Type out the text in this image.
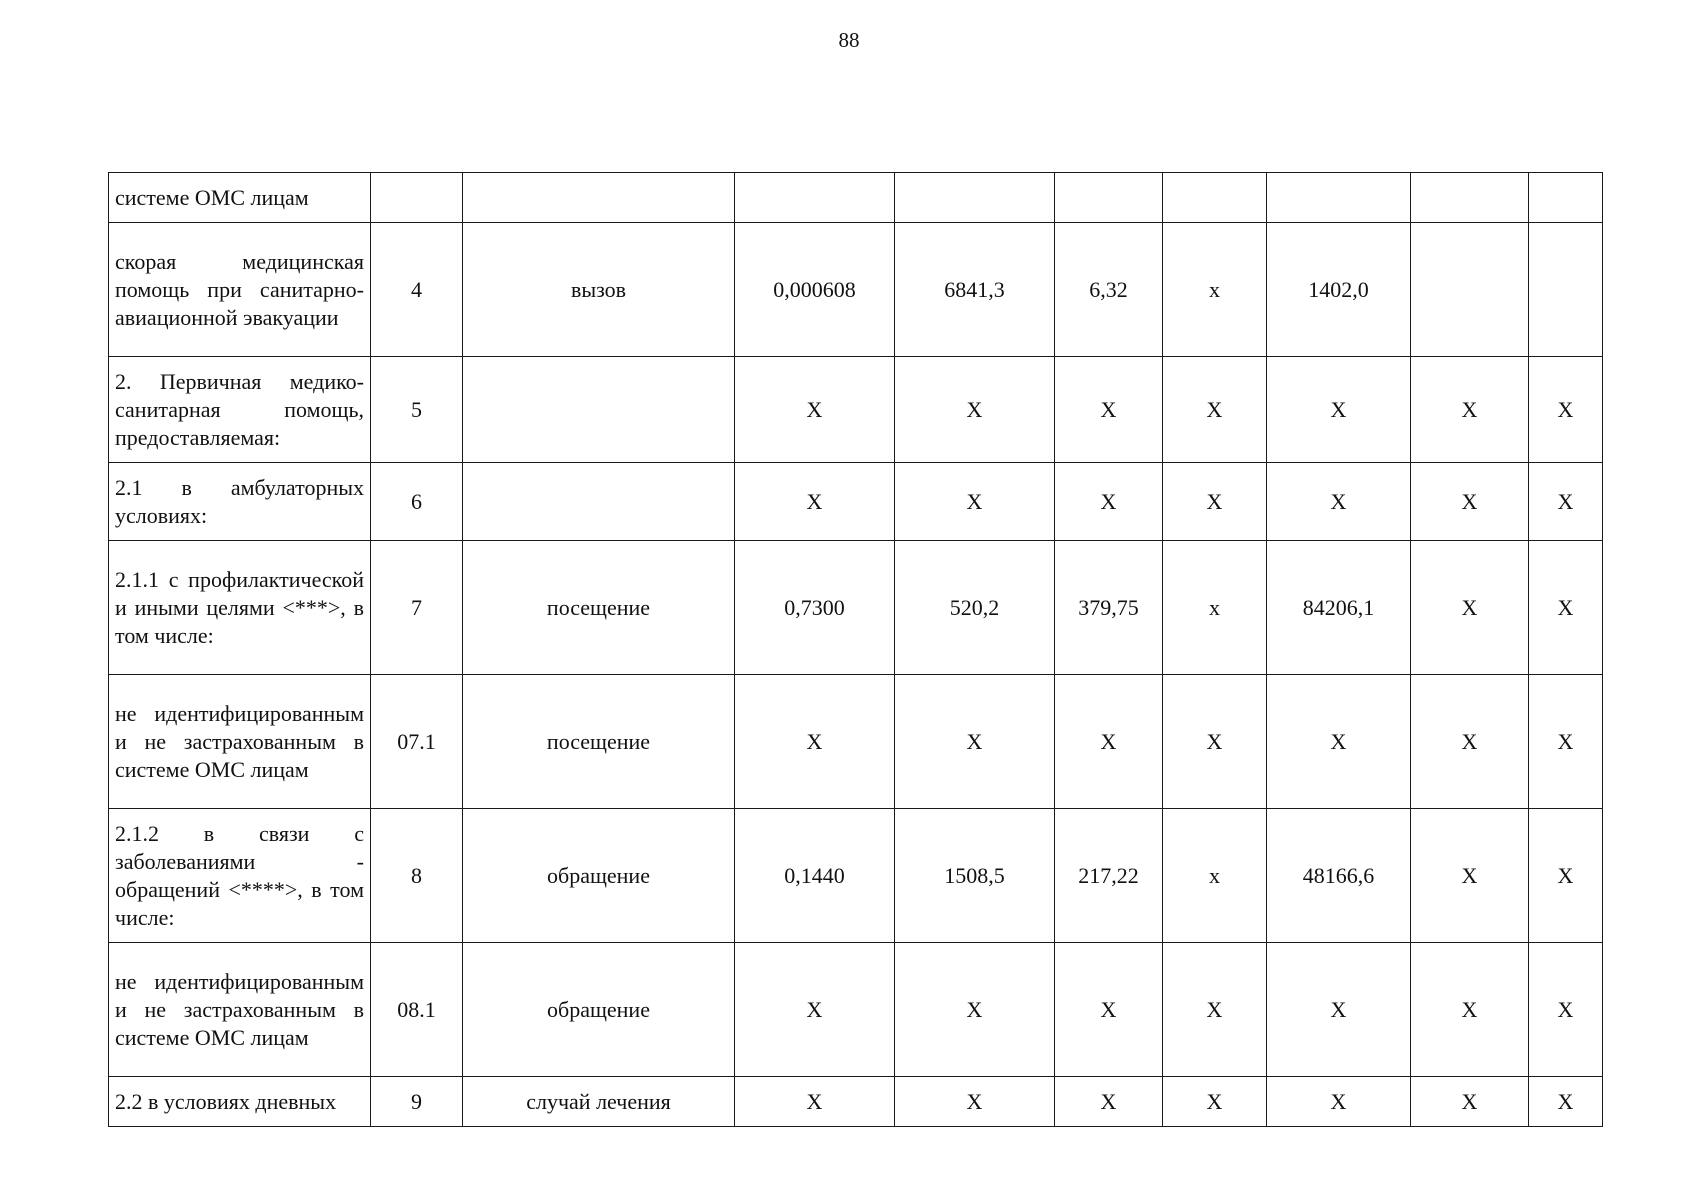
88
системе ОМС лицам									
скорая медицинская помощь при санитарно-авиационной эвакуации	4	вызов	0,000608	6841,3	6,32	x	1402,0		
2. Первичная медико-санитарная помощь, предоставляемая:	5		X	X	X	X	X	X	X
2.1 в амбулаторных условиях:	6		X	X	X	X	X	X	X
2.1.1 с профилактической и иными целями <***>, в том числе:	7	посещение	0,7300	520,2	379,75	x	84206,1	X	X
не идентифицированным и не застрахованным в системе ОМС лицам	07.1	посещение	X	X	X	X	X	X	X
2.1.2 в связи с заболеваниями - обращений <****>, в том числе:	8	обращение	0,1440	1508,5	217,22	x	48166,6	X	X
не идентифицированным и не застрахованным в системе ОМС лицам	08.1	обращение	X	X	X	X	X	X	X
2.2 в условиях дневных	9	случай лечения	X	X	X	X	X	X	X
